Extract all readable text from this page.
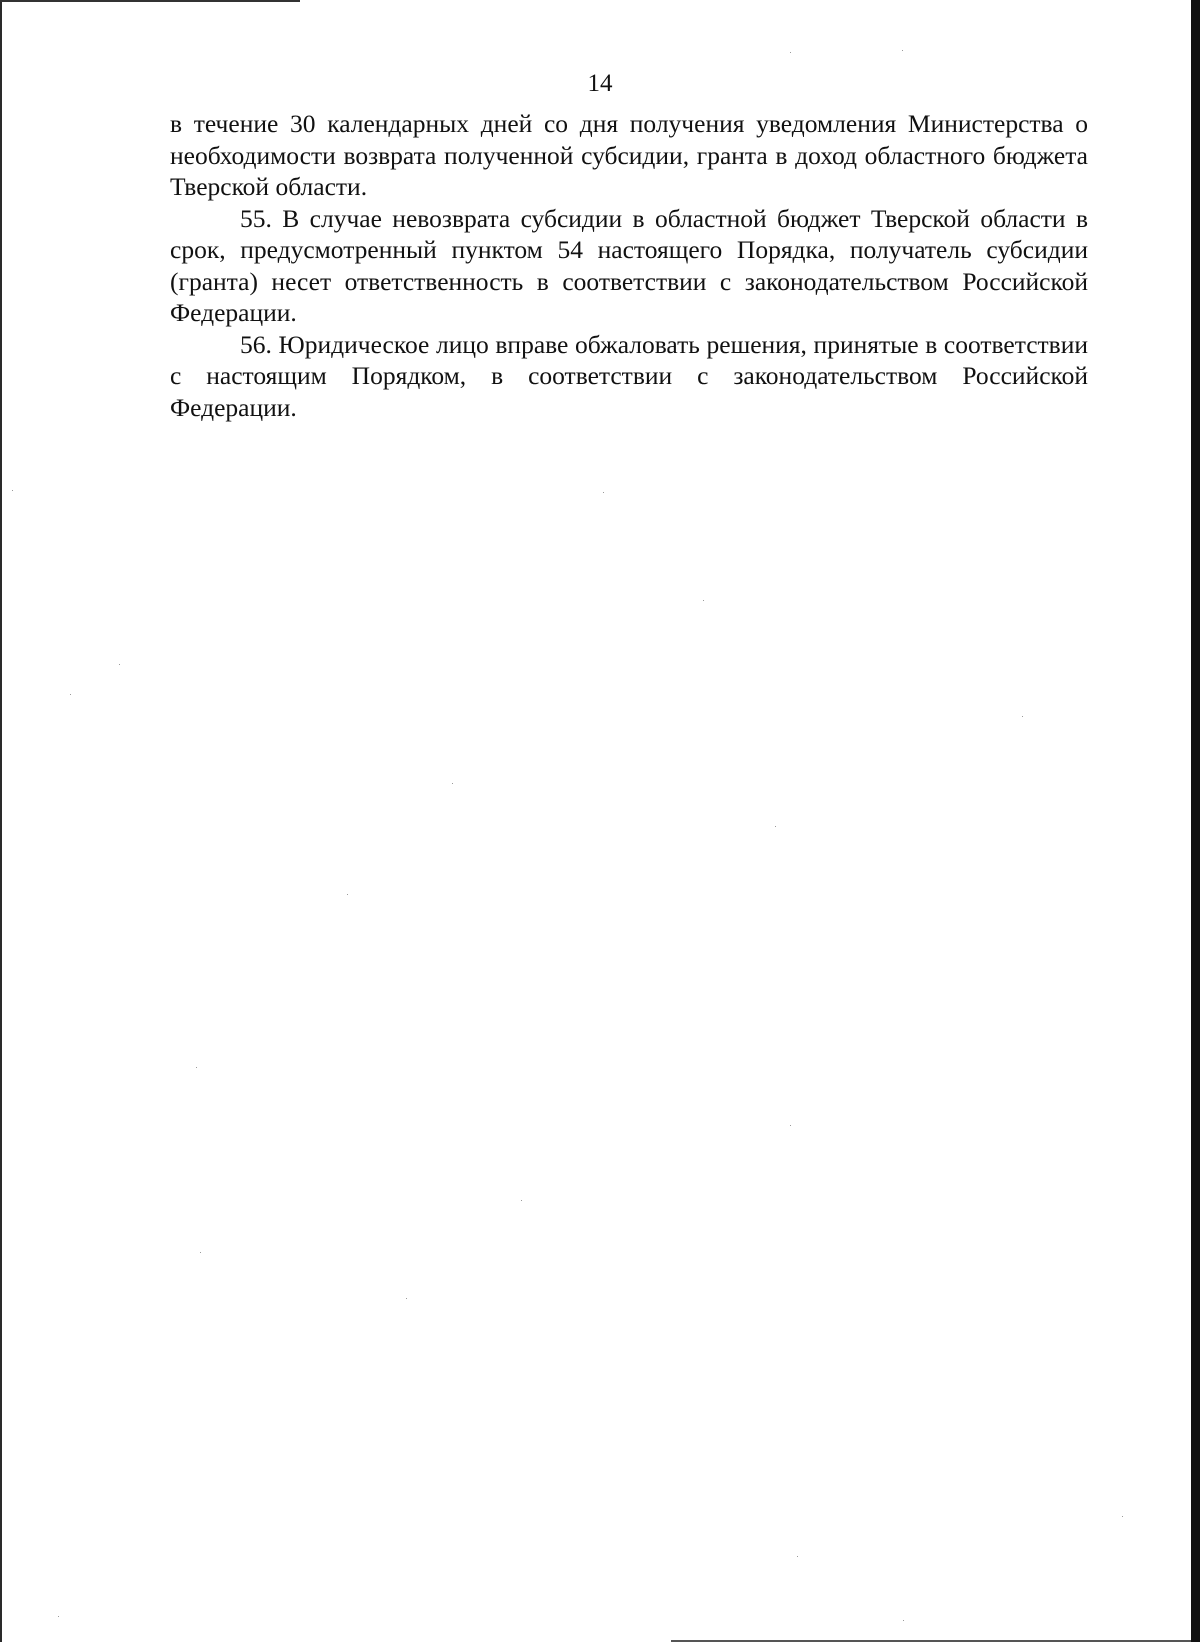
14

в течение 30 календарных дней со дня получения уведомления Министерства о необходимости возврата полученной субсидии, гранта в доход областного бюджета Тверской области.

55. В случае невозврата субсидии в областной бюджет Тверской области в срок, предусмотренный пунктом 54 настоящего Порядка, получатель субсидии (гранта) несет ответственность в соответствии с законодательством Российской Федерации.

56. Юридическое лицо вправе обжаловать решения, принятые в соответствии с настоящим Порядком, в соответствии с законодательством Российской Федерации.
